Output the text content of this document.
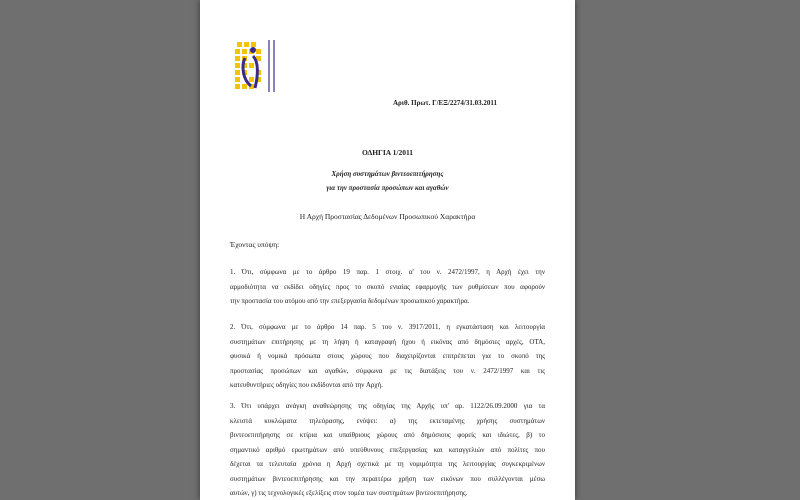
Αριθ. Πρωτ. Γ/ΕΞ/2274/31.03.2011
ΟΔΗΓΙΑ 1/2011
Χρήση συστημάτων βιντεοεπιτήρησης
για την προστασία προσώπων και αγαθών
Η Αρχή Προστασίας Δεδομένων Προσωπικού Χαρακτήρα
Έχοντας υπόψη:
1. Ότι, σύμφωνα με το άρθρο 19 παρ. 1 στοιχ. α' του ν. 2472/1997, η Αρχή έχει την
αρμοδιότητα να εκδίδει οδηγίες προς το σκοπό ενιαίας εφαρμογής των ρυθμίσεων που αφορούν
την προστασία του ατόμου από την επεξεργασία δεδομένων προσωπικού χαρακτήρα.
2. Ότι, σύμφωνα με το άρθρο 14 παρ. 5 του ν. 3917/2011, η εγκατάσταση και λειτουργία
συστημάτων επιτήρησης με τη λήψη ή καταγραφή ήχου ή εικόνας από δημόσιες αρχές, ΟΤΑ,
φυσικά ή νομικά πρόσωπα στους χώρους που διαχειρίζονται επιτρέπεται για το σκοπό της
προστασίας προσώπων και αγαθών, σύμφωνα με τις διατάξεις του ν. 2472/1997 και τις
κατευθυντήριες οδηγίες που εκδίδονται από την Αρχή.
3. Ότι υπάρχει ανάγκη αναθεώρησης της οδηγίας της Αρχής υπ' αρ. 1122/26.09.2000 για τα
κλειστά κυκλώματα τηλεόρασης, ενόψει: α) της εκτεταμένης χρήσης συστημάτων
βιντεοεπιτήρησης σε κτίρια και υπαίθριους χώρους από δημόσιους φορείς και ιδιώτες, β) το
σημαντικό αριθμό ερωτημάτων από υπεύθυνους επεξεργασίας και καταγγελιών από πολίτες που
δέχεται τα τελευταία χρόνια η Αρχή σχετικά με τη νομιμότητα της λειτουργίας συγκεκριμένων
συστημάτων βιντεοεπιτήρησης και την περαιτέρω χρήση των εικόνων που συλλέγονται μέσω
αυτών, γ) τις τεχνολογικές εξελίξεις στον τομέα των συστημάτων βιντεοεπιτήρησης.
